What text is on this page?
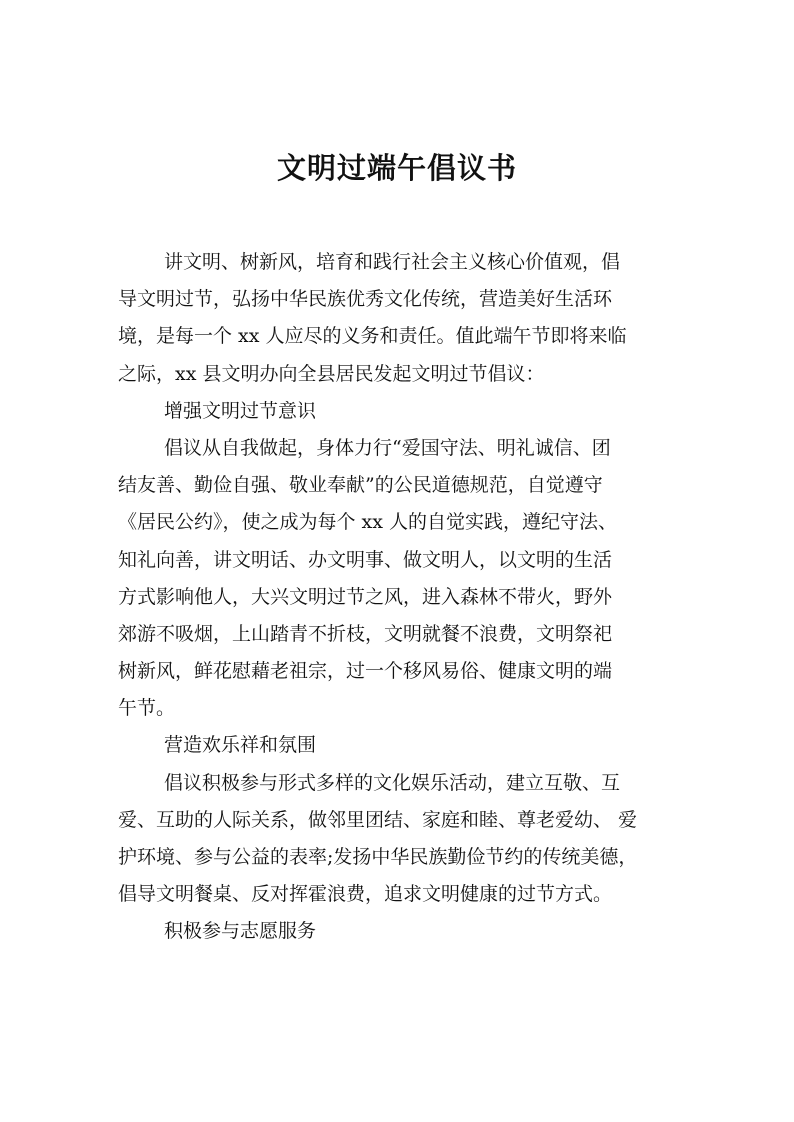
文明过端午倡议书
讲文明、树新风，培育和践行社会主义核心价值观，倡
导文明过节，弘扬中华民族优秀文化传统，营造美好生活环
境，是每一个 xx 人应尽的义务和责任。值此端午节即将来临
之际，xx 县文明办向全县居民发起文明过节倡议：
增强文明过节意识
倡议从自我做起，身体力行“爱国守法、明礼诚信、团
结友善、勤俭自强、敬业奉献”的公民道德规范，自觉遵守
《居民公约》，使之成为每个 xx 人的自觉实践，遵纪守法、
知礼向善，讲文明话、办文明事、做文明人，以文明的生活
方式影响他人，大兴文明过节之风，进入森林不带火，野外
郊游不吸烟，上山踏青不折枝，文明就餐不浪费，文明祭祀
树新风，鲜花慰藉老祖宗，过一个移风易俗、健康文明的端
午节。
营造欢乐祥和氛围
倡议积极参与形式多样的文化娱乐活动，建立互敬、互
爱、互助的人际关系，做邻里团结、家庭和睦、尊老爱幼、 爱
护环境、参与公益的表率;发扬中华民族勤俭节约的传统美德，
倡导文明餐桌、反对挥霍浪费，追求文明健康的过节方式。
积极参与志愿服务
